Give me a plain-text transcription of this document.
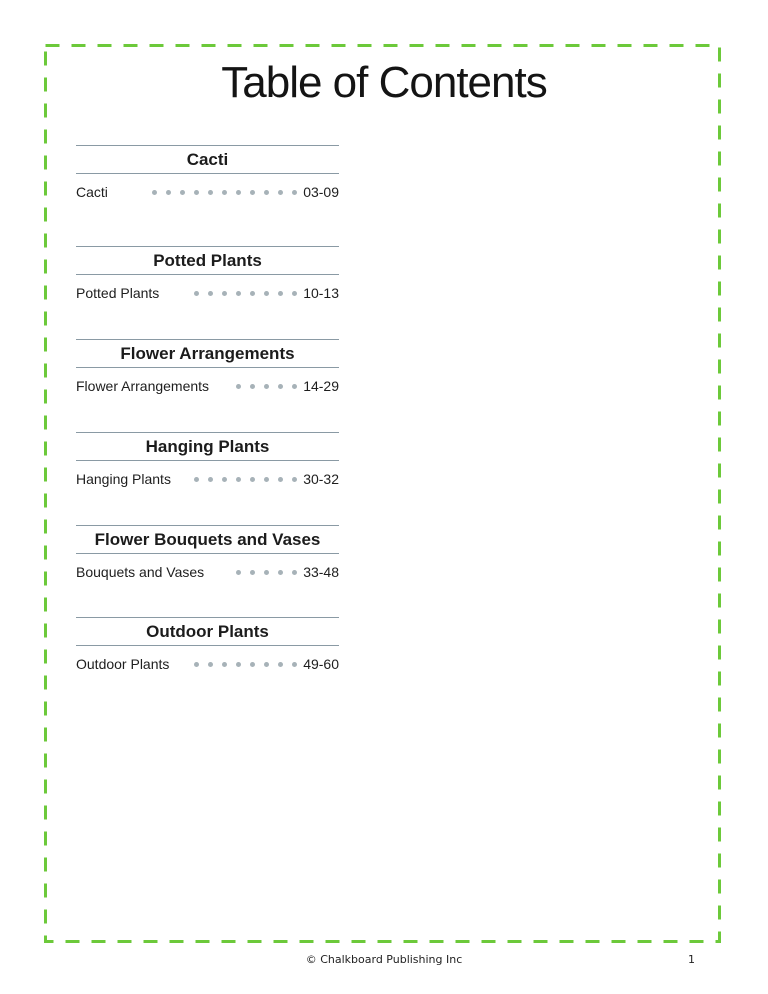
Table of Contents
Cacti
Cacti	03-09
Potted Plants
Potted Plants	10-13
Flower Arrangements
Flower Arrangements	14-29
Hanging Plants
Hanging Plants	30-32
Flower Bouquets and Vases
Bouquets and Vases	33-48
Outdoor Plants
Outdoor Plants	49-60
© Chalkboard Publishing Inc	1
